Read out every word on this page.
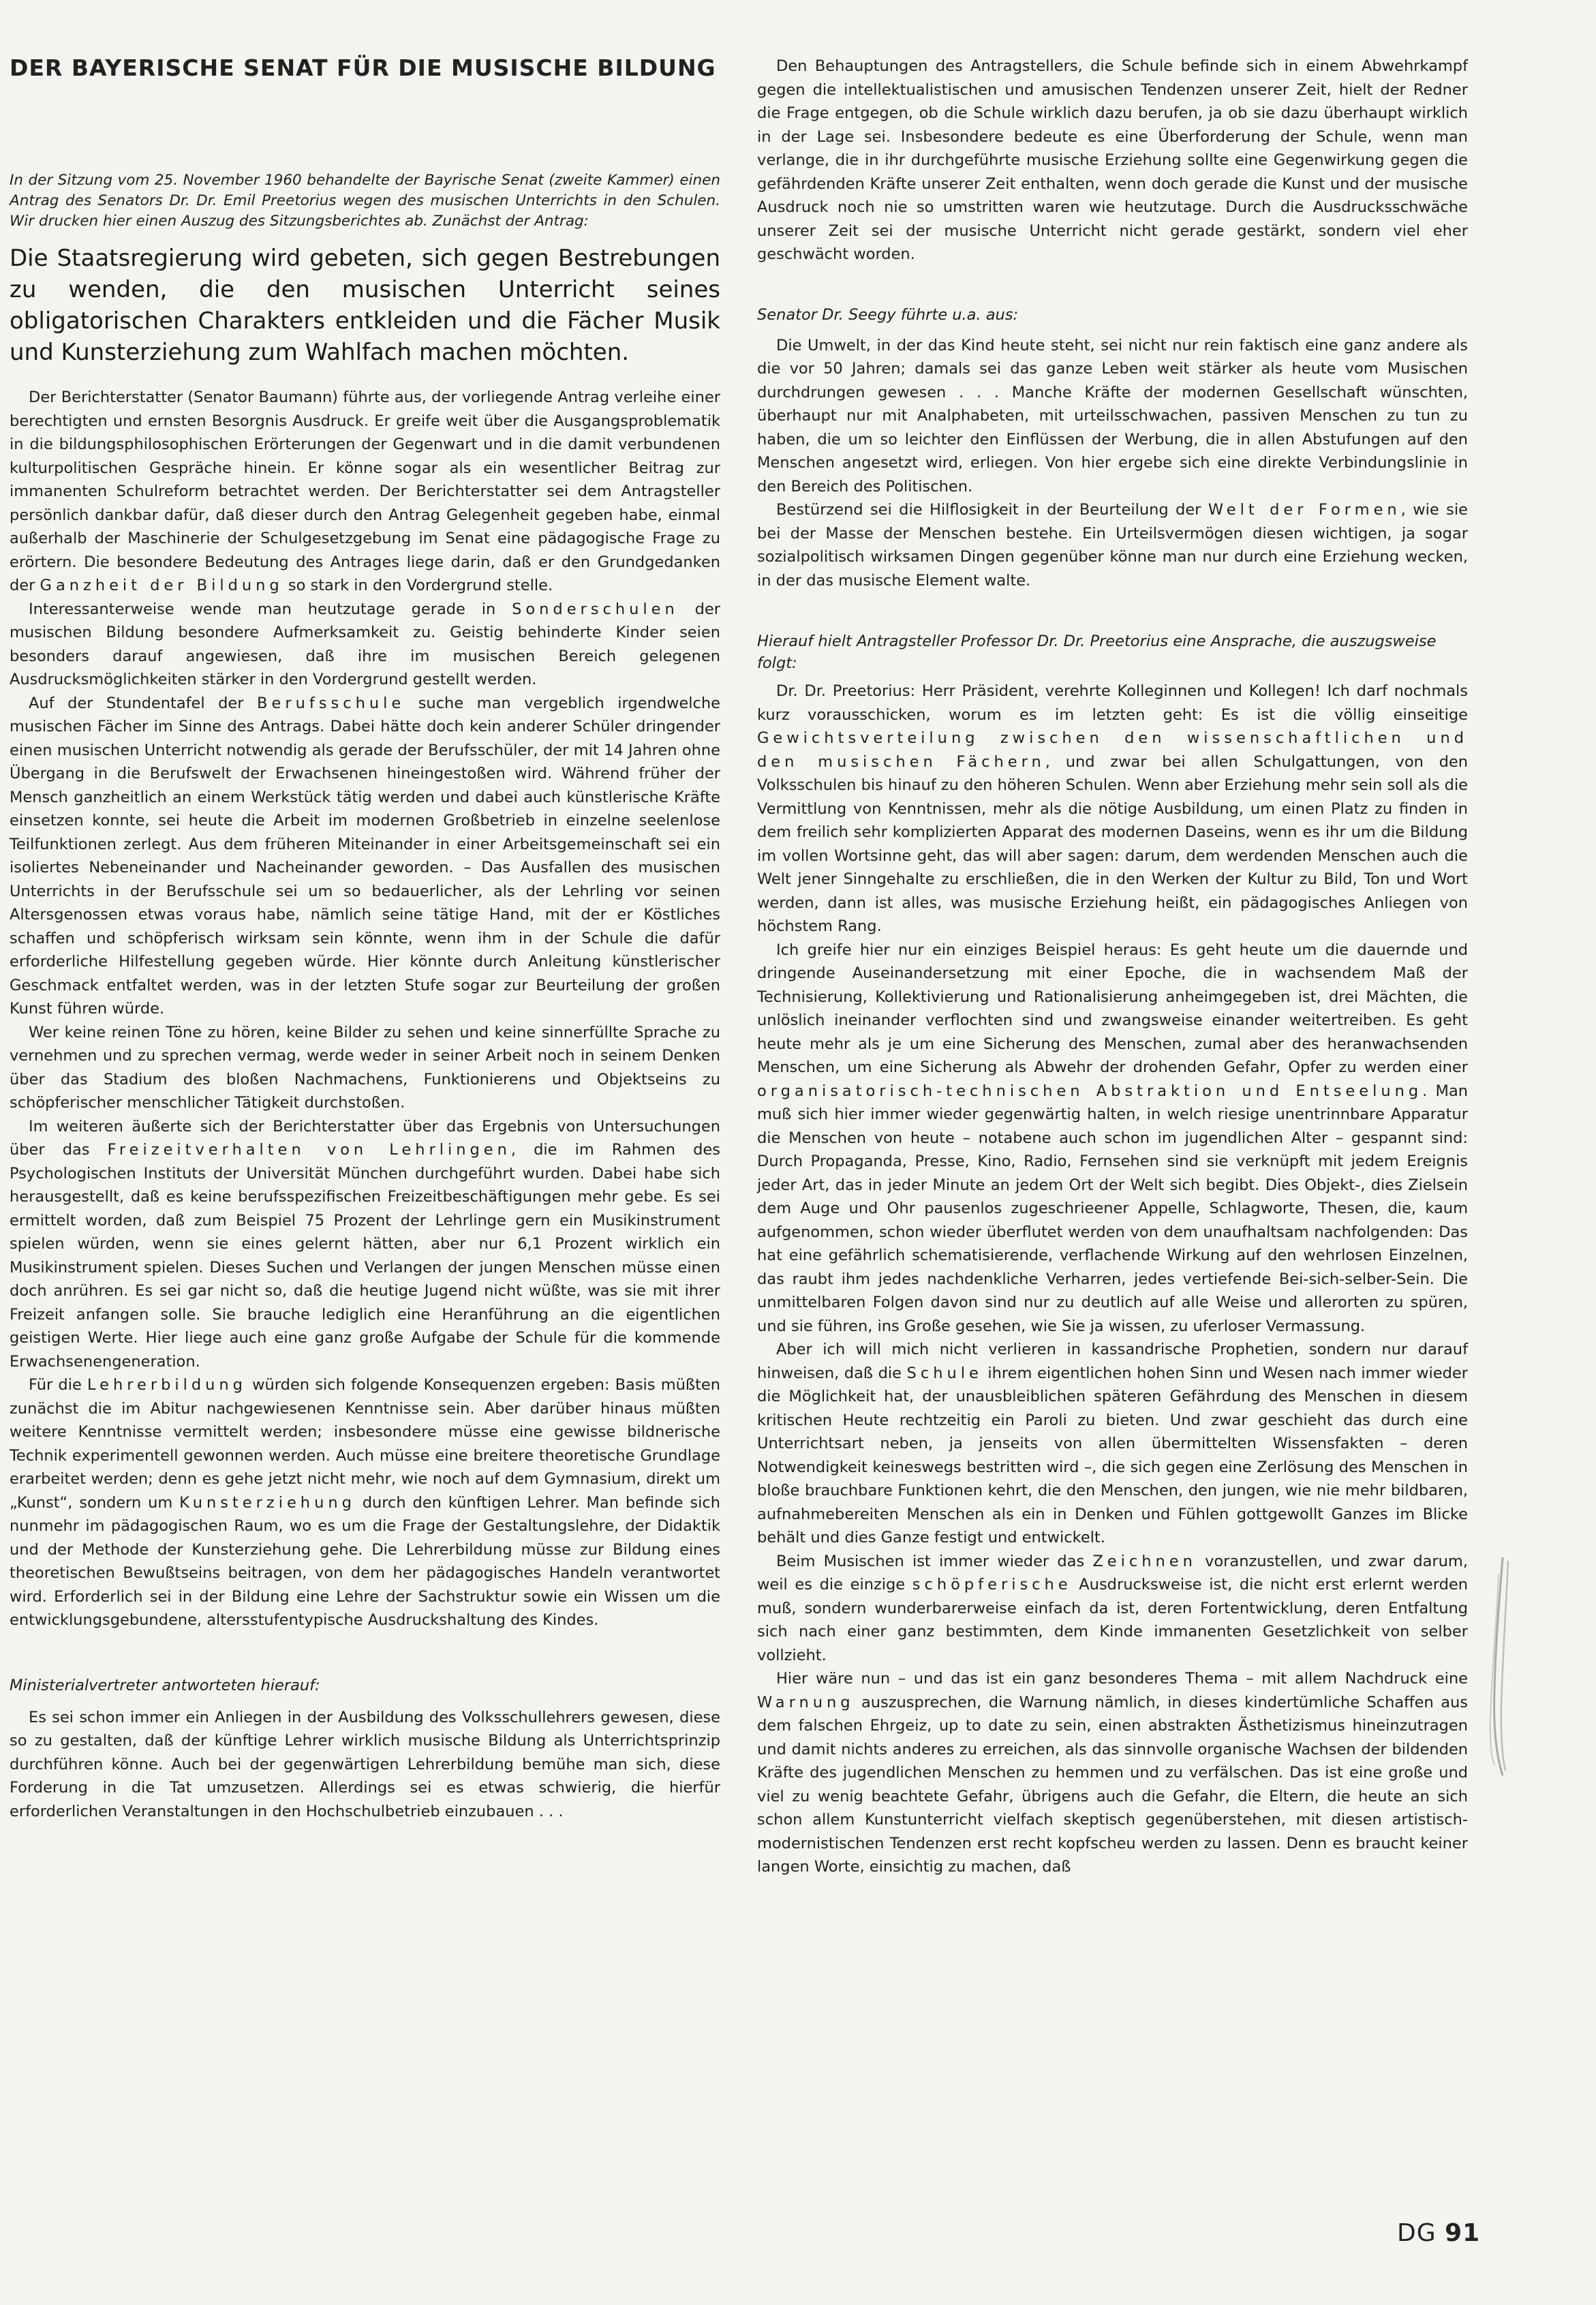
DER BAYERISCHE SENAT FÜR DIE MUSISCHE BILDUNG
In der Sitzung vom 25. November 1960 behandelte der Bayrische Senat (zweite Kammer) einen Antrag des Senators Dr. Dr. Emil Preetorius wegen des musischen Unterrichts in den Schulen. Wir drucken hier einen Auszug des Sitzungsberichtes ab. Zunächst der Antrag:
Die Staatsregierung wird gebeten, sich gegen Bestrebungen zu wenden, die den musischen Unterricht seines obligatorischen Charakters entkleiden und die Fächer Musik und Kunsterziehung zum Wahlfach machen möchten.

Der Berichterstatter (Senator Baumann) führte aus, der vorliegende Antrag verleihe einer berechtigten und ernsten Besorgnis Ausdruck. Er greife weit über die Ausgangsproblematik in die bildungsphilosophischen Erörterungen der Gegenwart und in die damit verbundenen kulturpolitischen Gespräche hinein. Er könne sogar als ein wesentlicher Beitrag zur immanenten Schulreform betrachtet werden. Der Berichterstatter sei dem Antragsteller persönlich dankbar dafür, daß dieser durch den Antrag Gelegenheit gegeben habe, einmal außerhalb der Maschinerie der Schulgesetzgebung im Senat eine pädagogische Frage zu erörtern. Die besondere Bedeutung des Antrages liege darin, daß er den Grundgedanken der Ganzheit der Bildung so stark in den Vordergrund stelle.

Interessanterweise wende man heutzutage gerade in Sonderschulen der musischen Bildung besondere Aufmerksamkeit zu. Geistig behinderte Kinder seien besonders darauf angewiesen, daß ihre im musischen Bereich gelegenen Ausdrucksmöglichkeiten stärker in den Vordergrund gestellt werden.

Auf der Stundentafel der Berufsschule suche man vergeblich irgendwelche musischen Fächer im Sinne des Antrags. Dabei hätte doch kein anderer Schüler dringender einen musischen Unterricht notwendig als gerade der Berufsschüler, der mit 14 Jahren ohne Übergang in die Berufswelt der Erwachsenen hineingestoßen wird. Während früher der Mensch ganzheitlich an einem Werkstück tätig werden und dabei auch künstlerische Kräfte einsetzen konnte, sei heute die Arbeit im modernen Großbetrieb in einzelne seelenlose Teilfunktionen zerlegt. Aus dem früheren Miteinander in einer Arbeitsgemeinschaft sei ein isoliertes Nebeneinander und Nacheinander geworden. – Das Ausfallen des musischen Unterrichts in der Berufsschule sei um so bedauerlicher, als der Lehrling vor seinen Altersgenossen etwas voraus habe, nämlich seine tätige Hand, mit der er Köstliches schaffen und schöpferisch wirksam sein könnte, wenn ihm in der Schule die dafür erforderliche Hilfestellung gegeben würde. Hier könnte durch Anleitung künstlerischer Geschmack entfaltet werden, was in der letzten Stufe sogar zur Beurteilung der großen Kunst führen würde.

Wer keine reinen Töne zu hören, keine Bilder zu sehen und keine sinnerfüllte Sprache zu vernehmen und zu sprechen vermag, werde weder in seiner Arbeit noch in seinem Denken über das Stadium des bloßen Nachmachens, Funktionierens und Objektseins zu schöpferischer menschlicher Tätigkeit durchstoßen.

Im weiteren äußerte sich der Berichterstatter über das Ergebnis von Untersuchungen über das Freizeitverhalten von Lehrlingen, die im Rahmen des Psychologischen Instituts der Universität München durchgeführt wurden. Dabei habe sich herausgestellt, daß es keine berufsspezifischen Freizeitbeschäftigungen mehr gebe. Es sei ermittelt worden, daß zum Beispiel 75 Prozent der Lehrlinge gern ein Musikinstrument spielen würden, wenn sie eines gelernt hätten, aber nur 6,1 Prozent wirklich ein Musikinstrument spielen. Dieses Suchen und Verlangen der jungen Menschen müsse einen doch anrühren. Es sei gar nicht so, daß die heutige Jugend nicht wüßte, was sie mit ihrer Freizeit anfangen solle. Sie brauche lediglich eine Heranführung an die eigentlichen geistigen Werte. Hier liege auch eine ganz große Aufgabe der Schule für die kommende Erwachsenengeneration.

Für die Lehrerbildung würden sich folgende Konsequenzen ergeben: Basis müßten zunächst die im Abitur nachgewiesenen Kenntnisse sein. Aber darüber hinaus müßten weitere Kenntnisse vermittelt werden; insbesondere müsse eine gewisse bildnerische Technik experimentell gewonnen werden. Auch müsse eine breitere theoretische Grundlage erarbeitet werden; denn es gehe jetzt nicht mehr, wie noch auf dem Gymnasium, direkt um „Kunst“, sondern um Kunsterziehung durch den künftigen Lehrer. Man befinde sich nunmehr im pädagogischen Raum, wo es um die Frage der Gestaltungslehre, der Didaktik und der Methode der Kunsterziehung gehe. Die Lehrerbildung müsse zur Bildung eines theoretischen Bewußtseins beitragen, von dem her pädagogisches Handeln verantwortet wird. Erforderlich sei in der Bildung eine Lehre der Sachstruktur sowie ein Wissen um die entwicklungsgebundene, altersstufentypische Ausdruckshaltung des Kindes.

Ministerialvertreter antworteten hierauf:

Es sei schon immer ein Anliegen in der Ausbildung des Volksschullehrers gewesen, diese so zu gestalten, daß der künftige Lehrer wirklich musische Bildung als Unterrichtsprinzip durchführen könne. Auch bei der gegenwärtigen Lehrerbildung bemühe man sich, diese Forderung in die Tat umzusetzen. Allerdings sei es etwas schwierig, die hierfür erforderlichen Veranstaltungen in den Hochschulbetrieb einzubauen . . .

Den Behauptungen des Antragstellers, die Schule befinde sich in einem Abwehrkampf gegen die intellektualistischen und amusischen Tendenzen unserer Zeit, hielt der Redner die Frage entgegen, ob die Schule wirklich dazu berufen, ja ob sie dazu überhaupt wirklich in der Lage sei. Insbesondere bedeute es eine Überforderung der Schule, wenn man verlange, die in ihr durchgeführte musische Erziehung sollte eine Gegenwirkung gegen die gefährdenden Kräfte unserer Zeit enthalten, wenn doch gerade die Kunst und der musische Ausdruck noch nie so umstritten waren wie heutzutage. Durch die Ausdrucksschwäche unserer Zeit sei der musische Unterricht nicht gerade gestärkt, sondern viel eher geschwächt worden.

Senator Dr. Seegy führte u.a. aus:

Die Umwelt, in der das Kind heute steht, sei nicht nur rein faktisch eine ganz andere als die vor 50 Jahren; damals sei das ganze Leben weit stärker als heute vom Musischen durchdrungen gewesen . . . Manche Kräfte der modernen Gesellschaft wünschten, überhaupt nur mit Analphabeten, mit urteilsschwachen, passiven Menschen zu tun zu haben, die um so leichter den Einflüssen der Werbung, die in allen Abstufungen auf den Menschen angesetzt wird, erliegen. Von hier ergebe sich eine direkte Verbindungslinie in den Bereich des Politischen.

Bestürzend sei die Hilflosigkeit in der Beurteilung der Welt der Formen, wie sie bei der Masse der Menschen bestehe. Ein Urteilsvermögen diesen wichtigen, ja sogar sozialpolitisch wirksamen Dingen gegenüber könne man nur durch eine Erziehung wecken, in der das musische Element walte.

Hierauf hielt Antragsteller Professor Dr. Dr. Preetorius eine Ansprache, die auszugsweise folgt:

Dr. Dr. Preetorius: Herr Präsident, verehrte Kolleginnen und Kollegen! Ich darf nochmals kurz vorausschicken, worum es im letzten geht: Es ist die völlig einseitige Gewichtsverteilung zwischen den wissenschaftlichen und den musischen Fächern, und zwar bei allen Schulgattungen, von den Volksschulen bis hinauf zu den höheren Schulen. Wenn aber Erziehung mehr sein soll als die Vermittlung von Kenntnissen, mehr als die nötige Ausbildung, um einen Platz zu finden in dem freilich sehr komplizierten Apparat des modernen Daseins, wenn es ihr um die Bildung im vollen Wortsinne geht, das will aber sagen: darum, dem werdenden Menschen auch die Welt jener Sinngehalte zu erschließen, die in den Werken der Kultur zu Bild, Ton und Wort werden, dann ist alles, was musische Erziehung heißt, ein pädagogisches Anliegen von höchstem Rang.

Ich greife hier nur ein einziges Beispiel heraus: Es geht heute um die dauernde und dringende Auseinandersetzung mit einer Epoche, die in wachsendem Maß der Technisierung, Kollektivierung und Rationalisierung anheimgegeben ist, drei Mächten, die unlöslich ineinander verflochten sind und zwangsweise einander weitertreiben. Es geht heute mehr als je um eine Sicherung des Menschen, zumal aber des heranwachsenden Menschen, um eine Sicherung als Abwehr der drohenden Gefahr, Opfer zu werden einer organisatorisch-technischen Abstraktion und Entseelung. Man muß sich hier immer wieder gegenwärtig halten, in welch riesige unentrinnbare Apparatur die Menschen von heute – notabene auch schon im jugendlichen Alter – gespannt sind: Durch Propaganda, Presse, Kino, Radio, Fernsehen sind sie verknüpft mit jedem Ereignis jeder Art, das in jeder Minute an jedem Ort der Welt sich begibt. Dies Objekt-, dies Zielsein dem Auge und Ohr pausenlos zugeschrieener Appelle, Schlagworte, Thesen, die, kaum aufgenommen, schon wieder überflutet werden von dem unaufhaltsam nachfolgenden: Das hat eine gefährlich schematisierende, verflachende Wirkung auf den wehrlosen Einzelnen, das raubt ihm jedes nachdenkliche Verharren, jedes vertiefende Bei-sich-selber-Sein. Die unmittelbaren Folgen davon sind nur zu deutlich auf alle Weise und allerorten zu spüren, und sie führen, ins Große gesehen, wie Sie ja wissen, zu uferloser Vermassung.

Aber ich will mich nicht verlieren in kassandrische Prophetien, sondern nur darauf hinweisen, daß die Schule ihrem eigentlichen hohen Sinn und Wesen nach immer wieder die Möglichkeit hat, der unausbleiblichen späteren Gefährdung des Menschen in diesem kritischen Heute rechtzeitig ein Paroli zu bieten. Und zwar geschieht das durch eine Unterrichtsart neben, ja jenseits von allen übermittelten Wissensfakten – deren Notwendigkeit keineswegs bestritten wird –, die sich gegen eine Zerlösung des Menschen in bloße brauchbare Funktionen kehrt, die den Menschen, den jungen, wie nie mehr bildbaren, aufnahmebereiten Menschen als ein in Denken und Fühlen gottgewollt Ganzes im Blicke behält und dies Ganze festigt und entwickelt.

Beim Musischen ist immer wieder das Zeichnen voranzustellen, und zwar darum, weil es die einzige schöpferische Ausdrucksweise ist, die nicht erst erlernt werden muß, sondern wunderbarerweise einfach da ist, deren Fortentwicklung, deren Entfaltung sich nach einer ganz bestimmten, dem Kinde immanenten Gesetzlichkeit von selber vollzieht.

Hier wäre nun – und das ist ein ganz besonderes Thema – mit allem Nachdruck eine Warnung auszusprechen, die Warnung nämlich, in dieses kindertümliche Schaffen aus dem falschen Ehrgeiz, up to date zu sein, einen abstrakten Ästhetizismus hineinzutragen und damit nichts anderes zu erreichen, als das sinnvolle organische Wachsen der bildenden Kräfte des jugendlichen Menschen zu hemmen und zu verfälschen. Das ist eine große und viel zu wenig beachtete Gefahr, übrigens auch die Gefahr, die Eltern, die heute an sich schon allem Kunstunterricht vielfach skeptisch gegenüberstehen, mit diesen artistisch-modernistischen Tendenzen erst recht kopfscheu werden zu lassen. Denn es braucht keiner langen Worte, einsichtig zu machen, daß

DG 91
